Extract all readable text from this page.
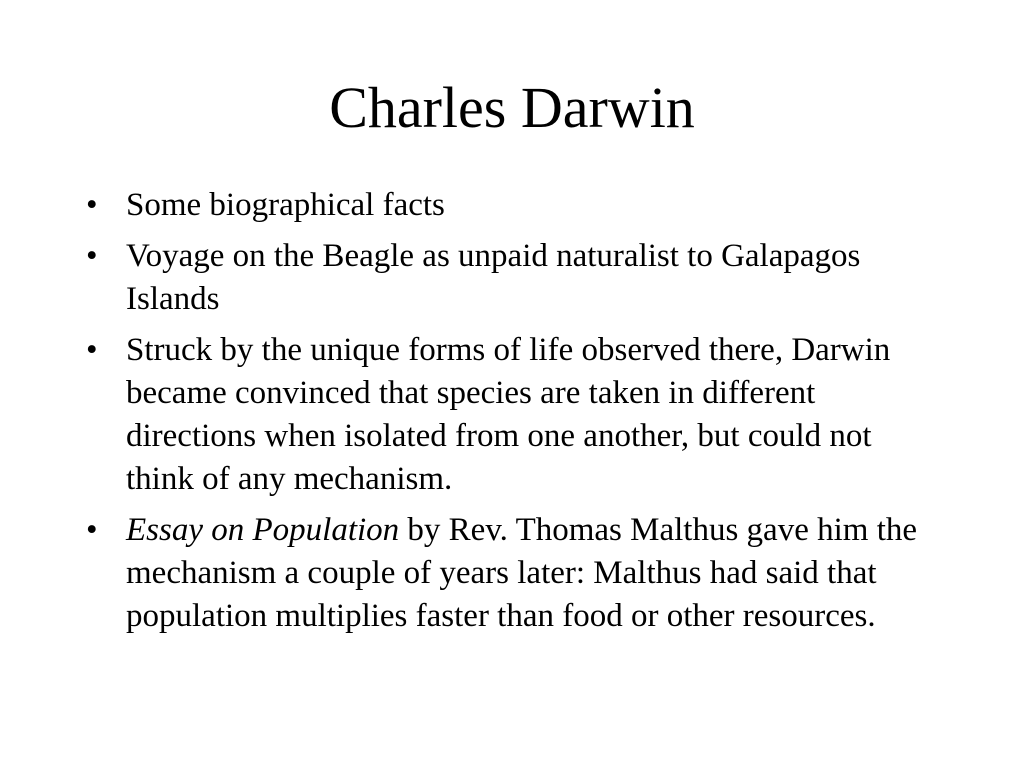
Charles Darwin
• Some biographical facts
• Voyage on the Beagle as unpaid naturalist to Galapagos Islands
• Struck by the unique forms of life observed there, Darwin became convinced that species are taken in different directions when isolated from one another, but could not think of any mechanism.
• Essay on Population by Rev. Thomas Malthus gave him the mechanism a couple of years later: Malthus had said that population multiplies faster than food or other resources.
